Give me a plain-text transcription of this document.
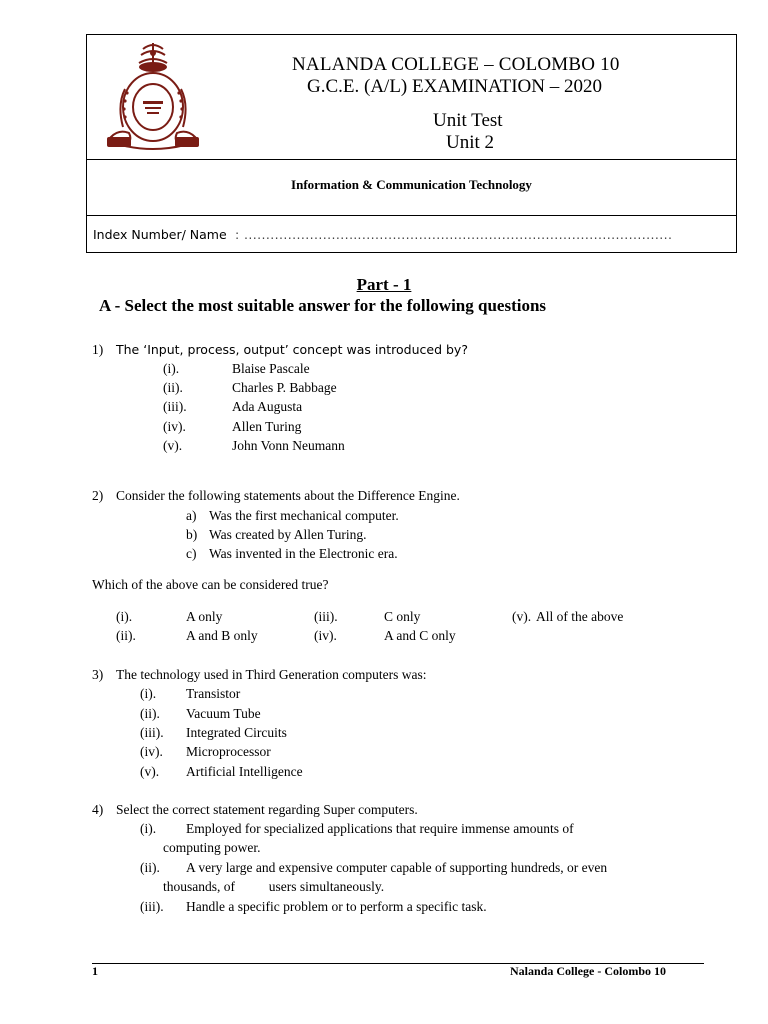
NALANDA COLLEGE – COLOMBO 10
G.C.E. (A/L) EXAMINATION – 2020
Unit Test
Unit 2
Information & Communication Technology
Index Number/ Name : ........................….......................................................................
Part - 1
A - Select the most suitable answer for the following questions
1) The ‘Input, process, output’ concept was introduced by?
(i).	Blaise Pascale
(ii).	Charles P. Babbage
(iii).	Ada Augusta
(iv).	Allen Turing
(v).	John Vonn Neumann
2) Consider the following statements about the Difference Engine.
a) Was the first mechanical computer.
b) Was created by Allen Turing.
c) Was invented in the Electronic era.
Which of the above can be considered true?
(i).	A only	(iii).	C only	(v). All of the above
(ii).	A and B only	(iv).	A and C only
3) The technology used in Third Generation computers was:
(i). Transistor
(ii). Vacuum Tube
(iii). Integrated Circuits
(iv). Microprocessor
(v). Artificial Intelligence
4) Select the correct statement regarding Super computers.
(i). Employed for specialized applications that require immense amounts of
computing power.
(ii). A very large and expensive computer capable of supporting hundreds, or even
thousands, of          users simultaneously.
(iii). Handle a specific problem or to perform a specific task.
1	Nalanda College - Colombo 10
